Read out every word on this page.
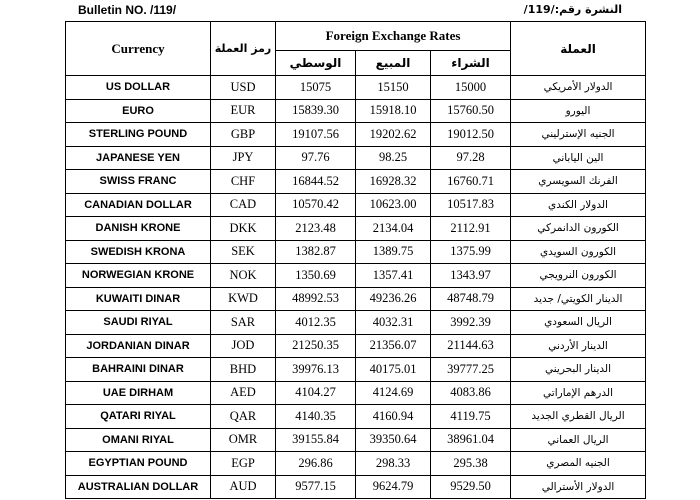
Bulletin NO. /119/	النشرة رقم:/119/
Currency	رمز العملة	Foreign Exchange Rates			العملة
		الوسطي	المبيع	الشراء	
US DOLLAR	USD	15075	15150	15000	الدولار الأمريكي
EURO	EUR	15839.30	15918.10	15760.50	اليورو
STERLING POUND	GBP	19107.56	19202.62	19012.50	الجنيه الإسترليني
JAPANESE YEN	JPY	97.76	98.25	97.28	الين الياباني
SWISS FRANC	CHF	16844.52	16928.32	16760.71	الفرنك السويسري
CANADIAN DOLLAR	CAD	10570.42	10623.00	10517.83	الدولار الكندي
DANISH KRONE	DKK	2123.48	2134.04	2112.91	الكورون الدانمركي
SWEDISH KRONA	SEK	1382.87	1389.75	1375.99	الكورون السويدي
NORWEGIAN KRONE	NOK	1350.69	1357.41	1343.97	الكورون النرويجي
KUWAITI DINAR	KWD	48992.53	49236.26	48748.79	الدينار الكويتي/ جديد
SAUDI RIYAL	SAR	4012.35	4032.31	3992.39	الريال السعودي
JORDANIAN DINAR	JOD	21250.35	21356.07	21144.63	الدينار الأردني
BAHRAINI DINAR	BHD	39976.13	40175.01	39777.25	الدينار البحريني
UAE DIRHAM	AED	4104.27	4124.69	4083.86	الدرهم الإماراتي
QATARI RIYAL	QAR	4140.35	4160.94	4119.75	الريال القطري الجديد
OMANI RIYAL	OMR	39155.84	39350.64	38961.04	الريال العماني
EGYPTIAN POUND	EGP	296.86	298.33	295.38	الجنيه المصري
AUSTRALIAN DOLLAR	AUD	9577.15	9624.79	9529.50	الدولار الأسترالي
